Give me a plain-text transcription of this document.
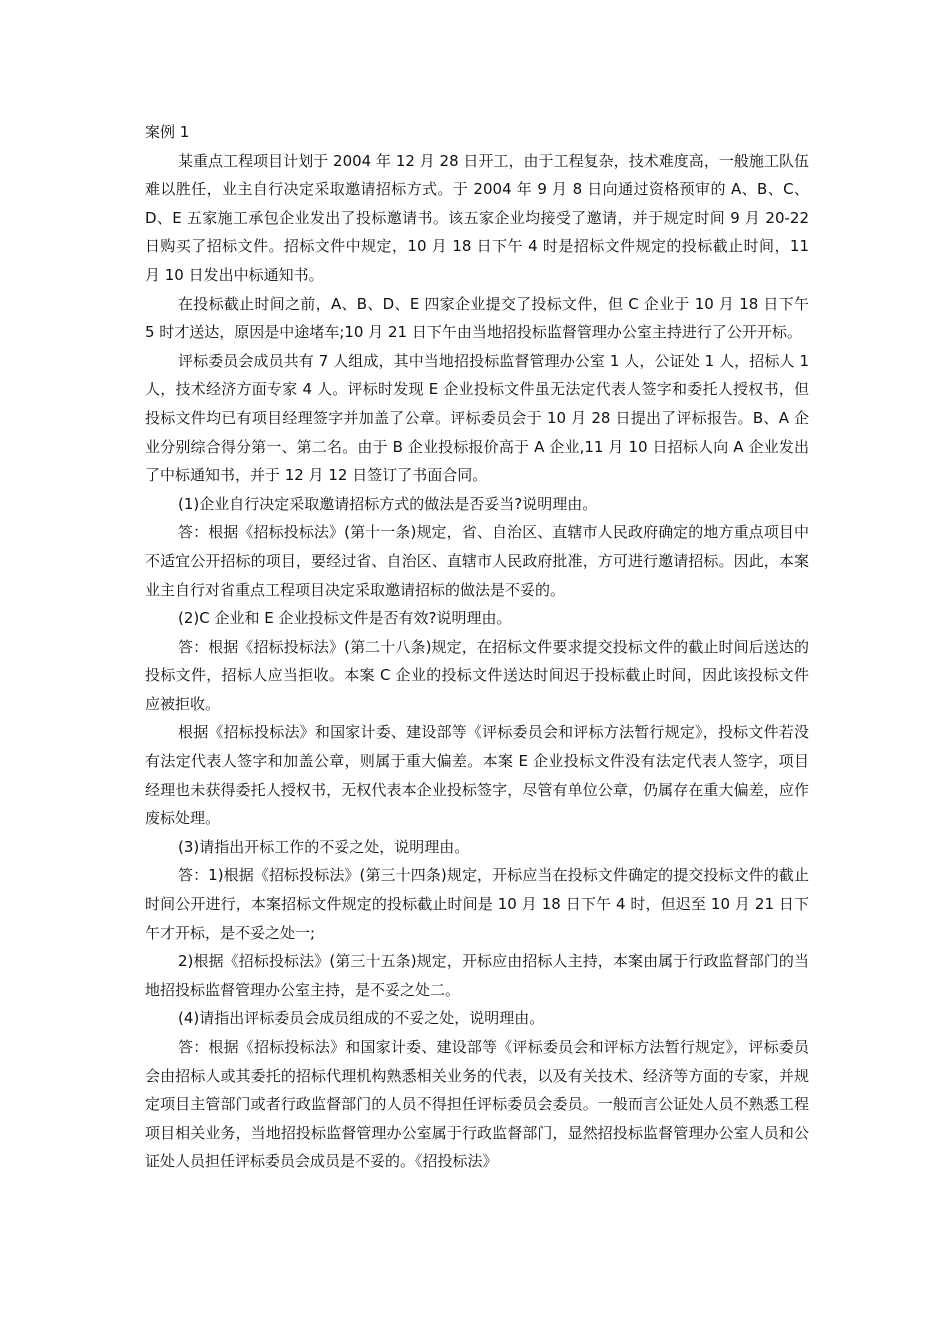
案例 1

某重点工程项目计划于 2004 年 12 月 28 日开工，由于工程复杂，技术难度高，一般施工队伍难以胜任，业主自行决定采取邀请招标方式。于 2004 年 9 月 8 日向通过资格预审的 A、B、C、D、E 五家施工承包企业发出了投标邀请书。该五家企业均接受了邀请，并于规定时间 9 月 20-22 日购买了招标文件。招标文件中规定，10 月 18 日下午 4 时是招标文件规定的投标截止时间，11 月 10 日发出中标通知书。

在投标截止时间之前，A、B、D、E 四家企业提交了投标文件，但 C 企业于 10 月 18 日下午 5 时才送达，原因是中途堵车;10 月 21 日下午由当地招投标监督管理办公室主持进行了公开开标。

评标委员会成员共有 7 人组成，其中当地招投标监督管理办公室 1 人，公证处 1 人，招标人 1 人，技术经济方面专家 4 人。评标时发现 E 企业投标文件虽无法定代表人签字和委托人授权书，但投标文件均已有项目经理签字并加盖了公章。评标委员会于 10 月 28 日提出了评标报告。B、A 企业分别综合得分第一、第二名。由于 B 企业投标报价高于 A 企业,11 月 10 日招标人向 A 企业发出了中标通知书，并于 12 月 12 日签订了书面合同。

(1)企业自行决定采取邀请招标方式的做法是否妥当?说明理由。

答：根据《招标投标法》(第十一条)规定，省、自治区、直辖市人民政府确定的地方重点项目中不适宜公开招标的项目，要经过省、自治区、直辖市人民政府批准，方可进行邀请招标。因此，本案业主自行对省重点工程项目决定采取邀请招标的做法是不妥的。

(2)C 企业和 E 企业投标文件是否有效?说明理由。

答：根据《招标投标法》(第二十八条)规定，在招标文件要求提交投标文件的截止时间后送达的投标文件，招标人应当拒收。本案 C 企业的投标文件送达时间迟于投标截止时间，因此该投标文件应被拒收。

根据《招标投标法》和国家计委、建设部等《评标委员会和评标方法暂行规定》，投标文件若没有法定代表人签字和加盖公章，则属于重大偏差。本案 E 企业投标文件没有法定代表人签字，项目经理也未获得委托人授权书，无权代表本企业投标签字，尽管有单位公章，仍属存在重大偏差，应作废标处理。

(3)请指出开标工作的不妥之处，说明理由。

答：1)根据《招标投标法》(第三十四条)规定，开标应当在投标文件确定的提交投标文件的截止时间公开进行，本案招标文件规定的投标截止时间是 10 月 18 日下午 4 时，但迟至 10 月 21 日下午才开标，是不妥之处一;

2)根据《招标投标法》(第三十五条)规定，开标应由招标人主持，本案由属于行政监督部门的当地招投标监督管理办公室主持，是不妥之处二。

(4)请指出评标委员会成员组成的不妥之处，说明理由。

答：根据《招标投标法》和国家计委、建设部等《评标委员会和评标方法暂行规定》，评标委员会由招标人或其委托的招标代理机构熟悉相关业务的代表，以及有关技术、经济等方面的专家，并规定项目主管部门或者行政监督部门的人员不得担任评标委员会委员。一般而言公证处人员不熟悉工程项目相关业务，当地招投标监督管理办公室属于行政监督部门，显然招投标监督管理办公室人员和公证处人员担任评标委员会成员是不妥的。《招投标法》
